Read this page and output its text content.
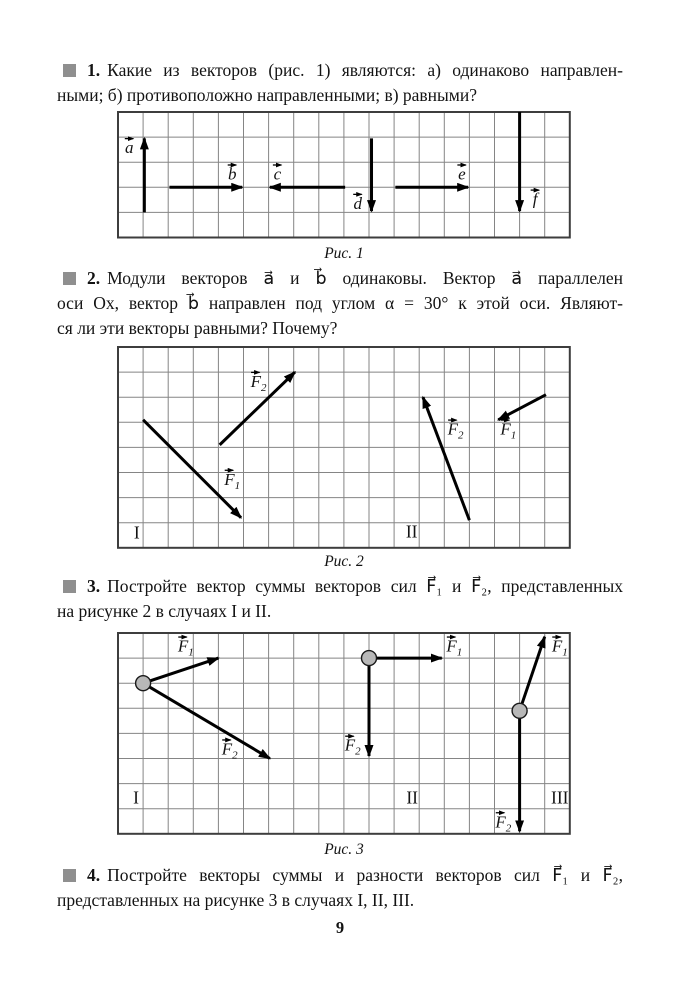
1. Какие из векторов (рис. 1) являются: а) одинаково направлен-
ными; б) противоположно направленными; в) равными?

a
b c
d
e
f
Рис. 1

2. Модули векторов a⃗ и b⃗ одинаковы. Вектор a⃗ параллелен
оси Ox, вектор b⃗ направлен под углом α = 30° к этой оси. Являют-
ся ли эти векторы равными? Почему?

$F_1$
$F_2$
$F_2$ $F_1$
I	II
Рис. 2

3. Постройте вектор суммы векторов сил F⃗₁ и F⃗₂, представленных
на рисунке 2 в случаях I и II.

$F_1$
$F_2$
$F_1$
$F_2$
$F_1$
$F_2$
I	II	III
Рис. 3

4. Постройте векторы суммы и разности векторов сил F⃗₁ и F⃗₂,
представленных на рисунке 3 в случаях I, II, III.

9
